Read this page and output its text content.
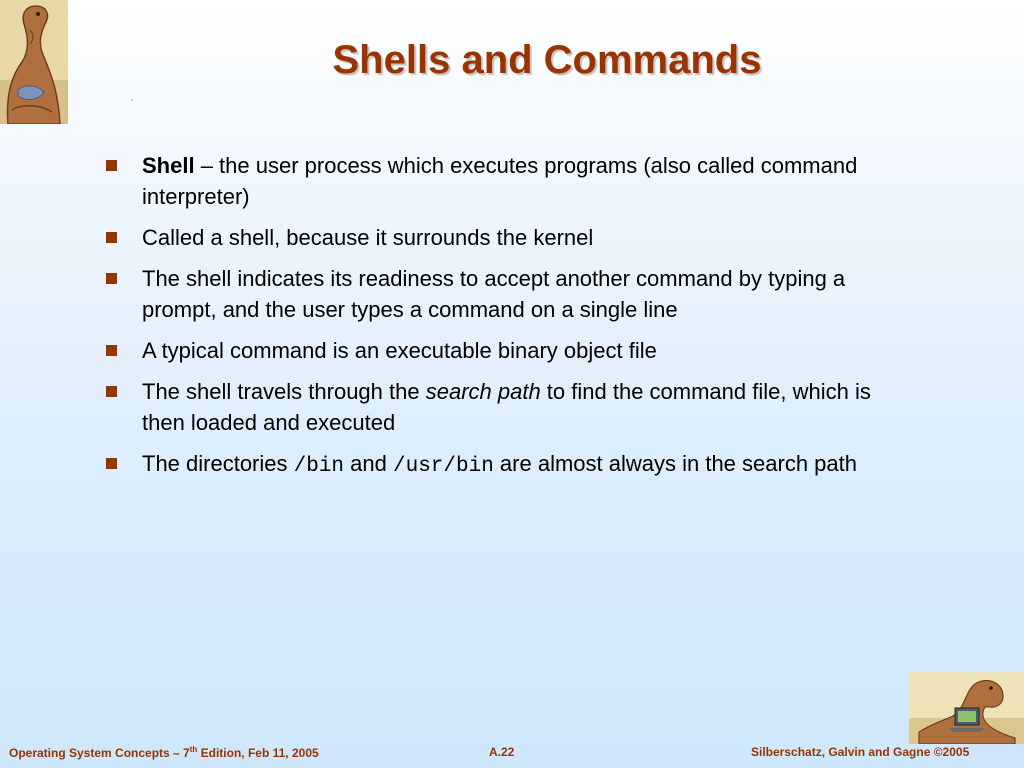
Shells and Commands
Shell – the user process which executes programs (also called command interpreter)
Called a shell, because it surrounds the kernel
The shell indicates its readiness to accept another command by typing a prompt, and the user types a command on a single line
A typical command is an executable binary object file
The shell travels through the search path to find the command file, which is then loaded and executed
The directories /bin and /usr/bin are almost always in the search path
Operating System Concepts – 7th Edition, Feb 11, 2005	A.22	Silberschatz, Galvin and Gagne ©2005
